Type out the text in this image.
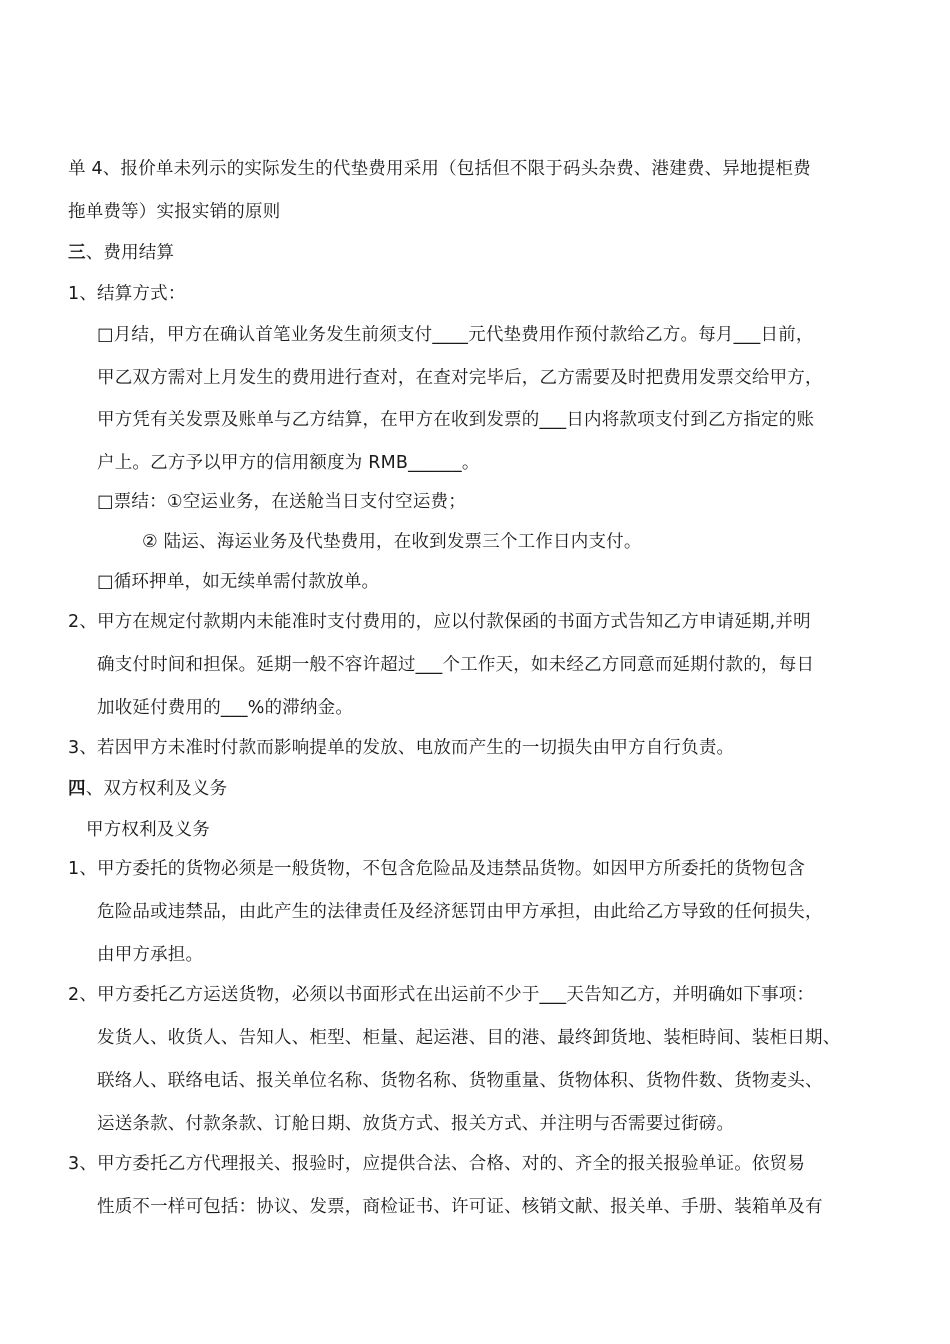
单 4、报价单未列示的实际发生的代垫费用采用（包括但不限于码头杂费、港建费、异地提柜费
拖单费等）实报实销的原则
三、费用结算
1、结算方式：
□月结，甲方在确认首笔业务发生前须支付____元代垫费用作预付款给乙方。每月___日前，
甲乙双方需对上月发生的费用进行查对，在查对完毕后，乙方需要及时把费用发票交给甲方，
甲方凭有关发票及账单与乙方结算，在甲方在收到发票的___日内将款项支付到乙方指定的账
户上。乙方予以甲方的信用额度为 RMB______。
□票结：①空运业务，在送舱当日支付空运费；
② 陆运、海运业务及代垫费用，在收到发票三个工作日内支付。
□循环押单，如无续单需付款放单。
2、甲方在规定付款期内未能准时支付费用的，应以付款保函的书面方式告知乙方申请延期,并明
确支付时间和担保。延期一般不容许超过___个工作天，如未经乙方同意而延期付款的，每日
加收延付费用的___%的滞纳金。
3、若因甲方未准时付款而影响提单的发放、电放而产生的一切损失由甲方自行负责。
四、双方权利及义务
甲方权利及义务
1、甲方委托的货物必须是一般货物，不包含危险品及违禁品货物。如因甲方所委托的货物包含
危险品或违禁品，由此产生的法律责任及经济惩罚由甲方承担，由此给乙方导致的任何损失，
由甲方承担。
2、甲方委托乙方运送货物，必须以书面形式在出运前不少于___天告知乙方，并明确如下事项：
发货人、收货人、告知人、柜型、柜量、起运港、目的港、最终卸货地、装柜時间、装柜日期、
联络人、联络电话、报关单位名称、货物名称、货物重量、货物体积、货物件数、货物麦头、
运送条款、付款条款、订舱日期、放货方式、报关方式、并注明与否需要过街磅。
3、甲方委托乙方代理报关、报验时，应提供合法、合格、对的、齐全的报关报验单证。依贸易
性质不一样可包括：协议、发票，商检证书、许可证、核销文献、报关单、手册、装箱单及有
